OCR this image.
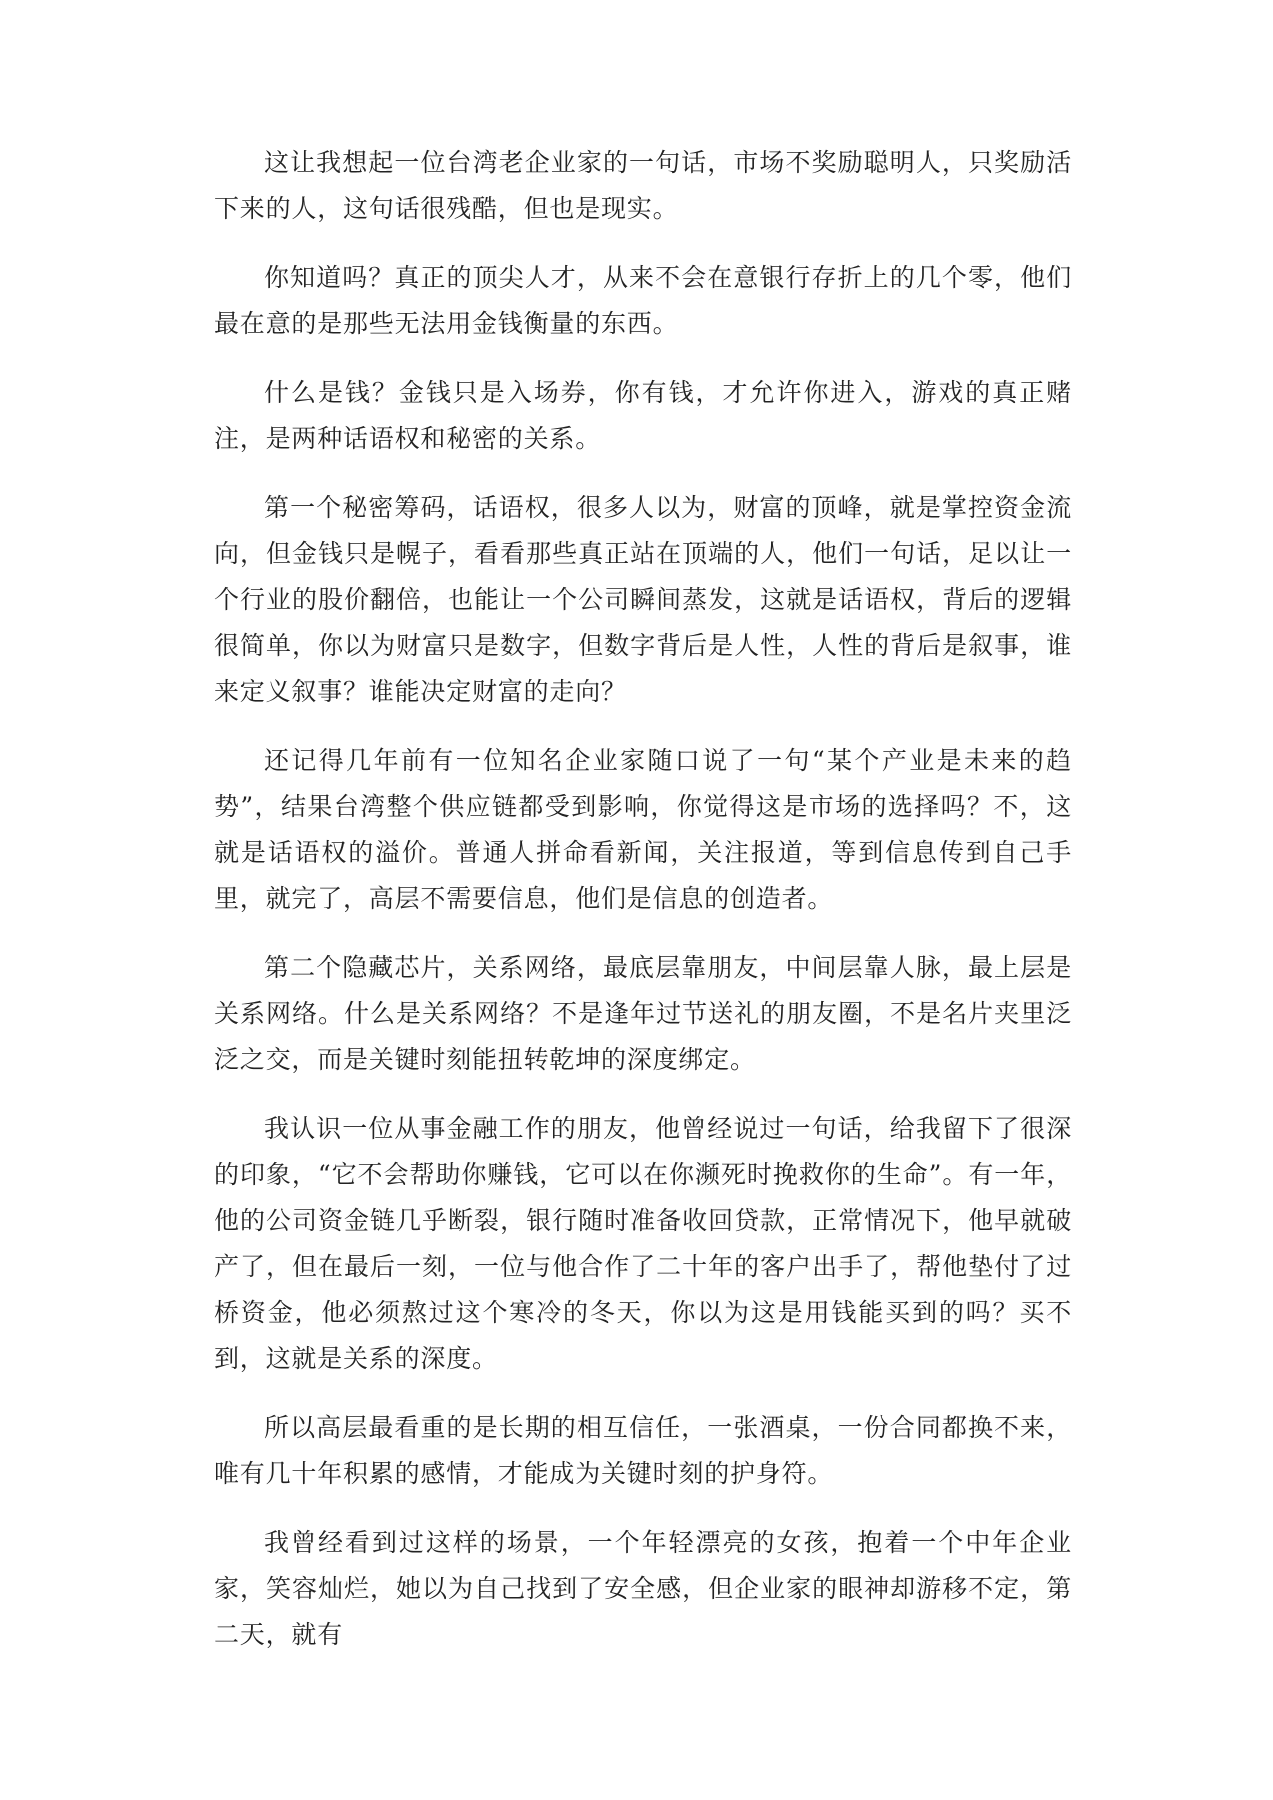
这让我想起一位台湾老企业家的一句话，市场不奖励聪明人，只奖励活下来的人，这句话很残酷，但也是现实。

你知道吗？真正的顶尖人才，从来不会在意银行存折上的几个零，他们最在意的是那些无法用金钱衡量的东西。

什么是钱？金钱只是入场券，你有钱，才允许你进入，游戏的真正赌注，是两种话语权和秘密的关系。

第一个秘密筹码，话语权，很多人以为，财富的顶峰，就是掌控资金流向，但金钱只是幌子，看看那些真正站在顶端的人，他们一句话，足以让一个行业的股价翻倍，也能让一个公司瞬间蒸发，这就是话语权，背后的逻辑很简单，你以为财富只是数字，但数字背后是人性，人性的背后是叙事，谁来定义叙事？谁能决定财富的走向？

还记得几年前有一位知名企业家随口说了一句“某个产业是未来的趋势”，结果台湾整个供应链都受到影响，你觉得这是市场的选择吗？不，这就是话语权的溢价。普通人拼命看新闻，关注报道，等到信息传到自己手里，就完了，高层不需要信息，他们是信息的创造者。

第二个隐藏芯片，关系网络，最底层靠朋友，中间层靠人脉，最上层是关系网络。什么是关系网络？不是逢年过节送礼的朋友圈，不是名片夹里泛泛之交，而是关键时刻能扭转乾坤的深度绑定。

我认识一位从事金融工作的朋友，他曾经说过一句话，给我留下了很深的印象，“它不会帮助你赚钱，它可以在你濒死时挽救你的生命”。有一年，他的公司资金链几乎断裂，银行随时准备收回贷款，正常情况下，他早就破产了，但在最后一刻，一位与他合作了二十年的客户出手了，帮他垫付了过桥资金，他必须熬过这个寒冷的冬天，你以为这是用钱能买到的吗？买不到，这就是关系的深度。

所以高层最看重的是长期的相互信任，一张酒桌，一份合同都换不来，唯有几十年积累的感情，才能成为关键时刻的护身符。

我曾经看到过这样的场景，一个年轻漂亮的女孩，抱着一个中年企业家，笑容灿烂，她以为自己找到了安全感，但企业家的眼神却游移不定，第二天，就有
